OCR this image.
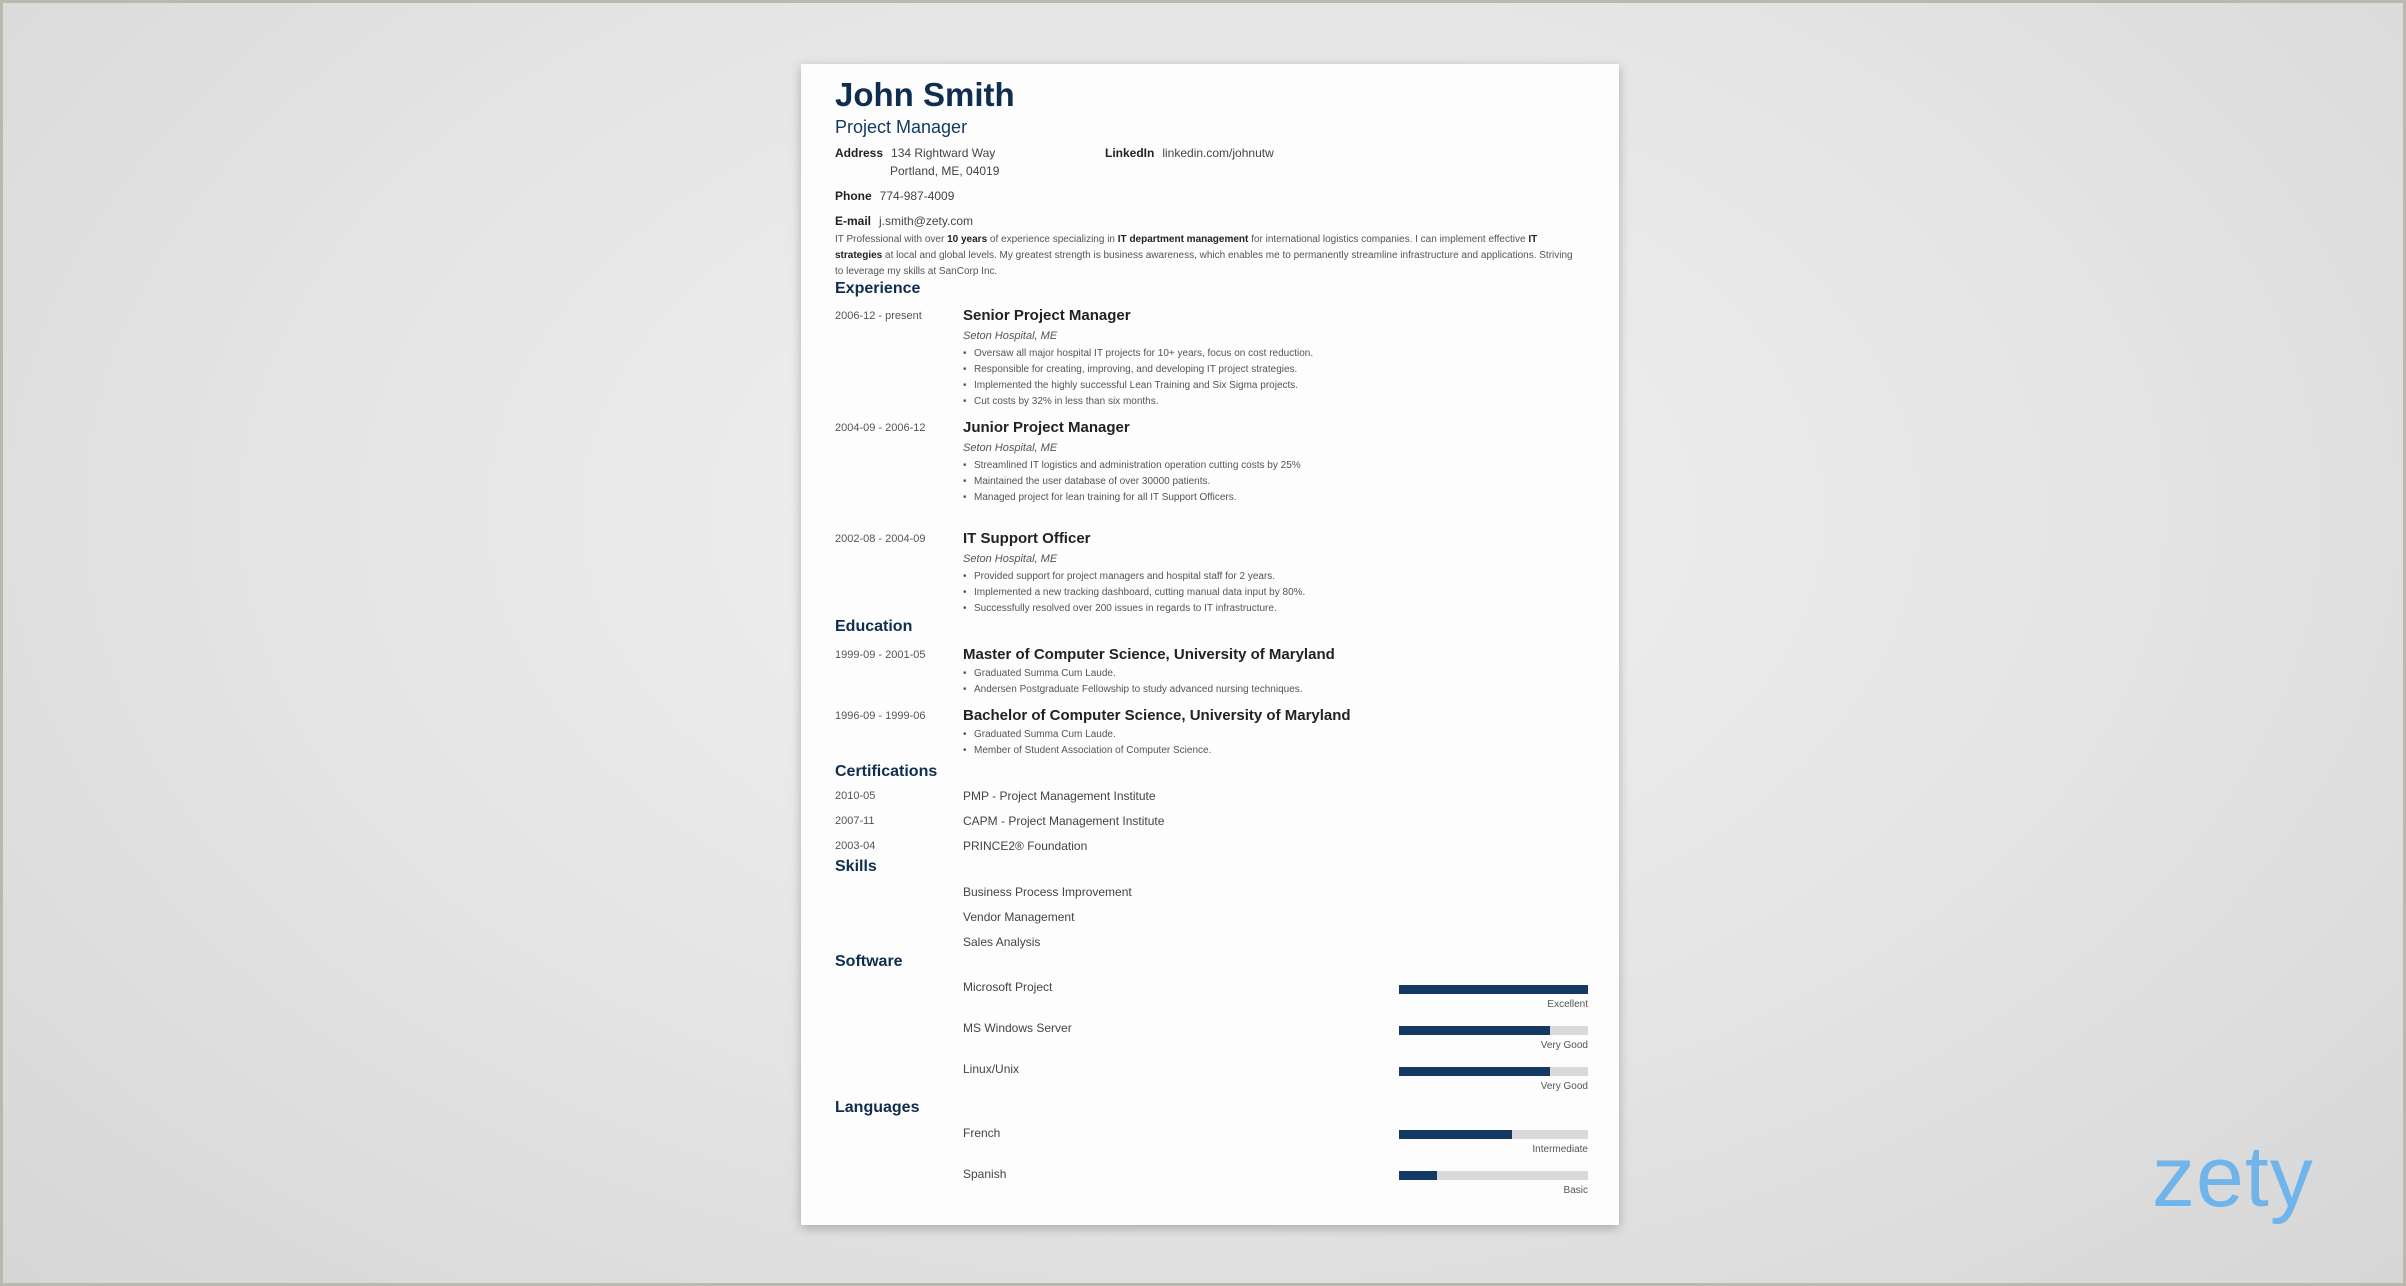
John Smith
Project Manager
Address 134 Rightward Way
Portland, ME, 04019
LinkedIn linkedin.com/johnutw
Phone 774-987-4009
E-mail j.smith@zety.com
IT Professional with over 10 years of experience specializing in IT department management for international logistics companies. I can implement effective IT strategies at local and global levels. My greatest strength is business awareness, which enables me to permanently streamline infrastructure and applications. Striving to leverage my skills at SanCorp Inc.
Experience
2006-12 - present	Senior Project Manager
Seton Hospital, ME
• Oversaw all major hospital IT projects for 10+ years, focus on cost reduction.
• Responsible for creating, improving, and developing IT project strategies.
• Implemented the highly successful Lean Training and Six Sigma projects.
• Cut costs by 32% in less than six months.
2004-09 - 2006-12 Junior Project Manager
Seton Hospital, ME
• Streamlined IT logistics and administration operation cutting costs by 25%
• Maintained the user database of over 30000 patients.
• Managed project for lean training for all IT Support Officers.
2002-08 - 2004-09 IT Support Officer
Seton Hospital, ME
• Provided support for project managers and hospital staff for 2 years.
• Implemented a new tracking dashboard, cutting manual data input by 80%.
• Successfully resolved over 200 issues in regards to IT infrastructure.
Education
1999-09 - 2001-05 Master of Computer Science, University of Maryland
• Graduated Summa Cum Laude.
• Andersen Postgraduate Fellowship to study advanced nursing techniques.
1996-09 - 1999-06 Bachelor of Computer Science, University of Maryland
• Graduated Summa Cum Laude.
• Member of Student Association of Computer Science.
Certifications
2010-05	PMP - Project Management Institute
2007-11	CAPM - Project Management Institute
2003-04	PRINCE2® Foundation
Skills
Business Process Improvement
Vendor Management
Sales Analysis
Software
Microsoft Project
Excellent
MS Windows Server
Very Good
Linux/Unix
Very Good
Languages
French
Intermediate
Spanish
Basic	zety
